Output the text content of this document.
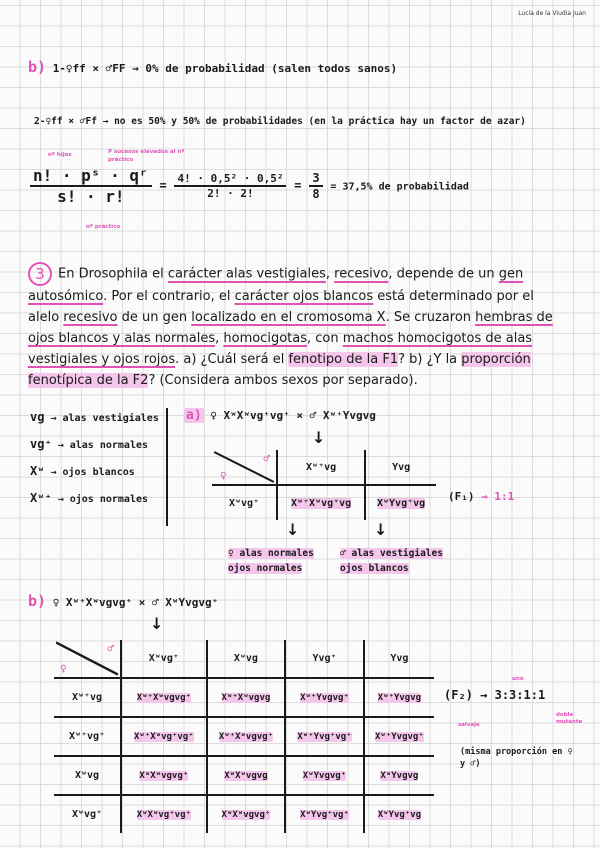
Lucía de la Viudia Juan
b) 1-♀ff × ♂FF → 0% de probabilidad (salen todos sanos)
2-♀ff × ♂Ff → no es 50% y 50% de probabilidades (en la práctica hay un factor de azar)
nº hijos	P sucesos elevados al nº práctico
nº práctico
$\frac{\text{n! · pˢ · qʳ}}{s! \cdot r!} = \frac{\text{4! · 0,5² · 0,5²}}{2! \cdot 2!} = \frac{3}{8} = 37,5\%$ de probabilidad
3 En Drosophila el carácter alas vestigiales, recesivo, depende de un gen autosómico. Por el contrario, el carácter ojos blancos está determinado por el alelo recesivo de un gen localizado en el cromosoma X. Se cruzaron hembras de ojos blancos y alas normales, homocigotas, con machos homocigotos de alas vestigiales y ojos rojos. a) ¿Cuál será el fenotipo de la F1? b) ¿Y la proporción fenotípica de la F2? (Considera ambos sexos por separado).
vg → alas vestigiales
vg⁺ → alas normales
Xʷ → ojos blancos
Xʷ⁺ → ojos normales
a) ♀ XʷXʷvg⁺vg⁺ × ♂ Xʷ⁺Yvgvg
↓
♀
♂	Xʷ⁺vg	Yvg
Xʷvg⁺	Xʷ⁺Xʷvg⁺vg	XʷYvg⁺vg (F₁) → 1:1
↓	↓
♀ alas normales ojos normales
♂ alas vestigiales ojos blancos
b) ♀ Xʷ⁺Xʷvgvg⁺ × ♂ XʷYvgvg⁺
↓
♀
♂	Xʷvg⁺	Xʷvg	Yvg⁺	Yvg
Xʷ⁺vg	Xʷ⁺Xʷvgvg⁺	Xʷ⁺Xʷvgvg	Xʷ⁺Yvgvg⁺	Xʷ⁺Yvgvg
Xʷ⁺vg⁺	Xʷ⁺Xʷvg⁺vg⁺	Xʷ⁺Xʷvgvg⁺	Xʷ⁺Yvg⁺vg⁺	Xʷ⁺Yvgvg⁺
Xʷvg	XʷXʷvgvg⁺	XʷXʷvgvg	XʷYvgvg⁺	XʷYvgvg
Xʷvg⁺	XʷXʷvg⁺vg⁺	XʷXʷvgvg⁺	XʷYvg⁺vg⁺	XʷYvg⁺vg
uno
(F₂) → 3:3:1:1
salvaje
doble mutante
(misma proporción en ♀ y ♂)
